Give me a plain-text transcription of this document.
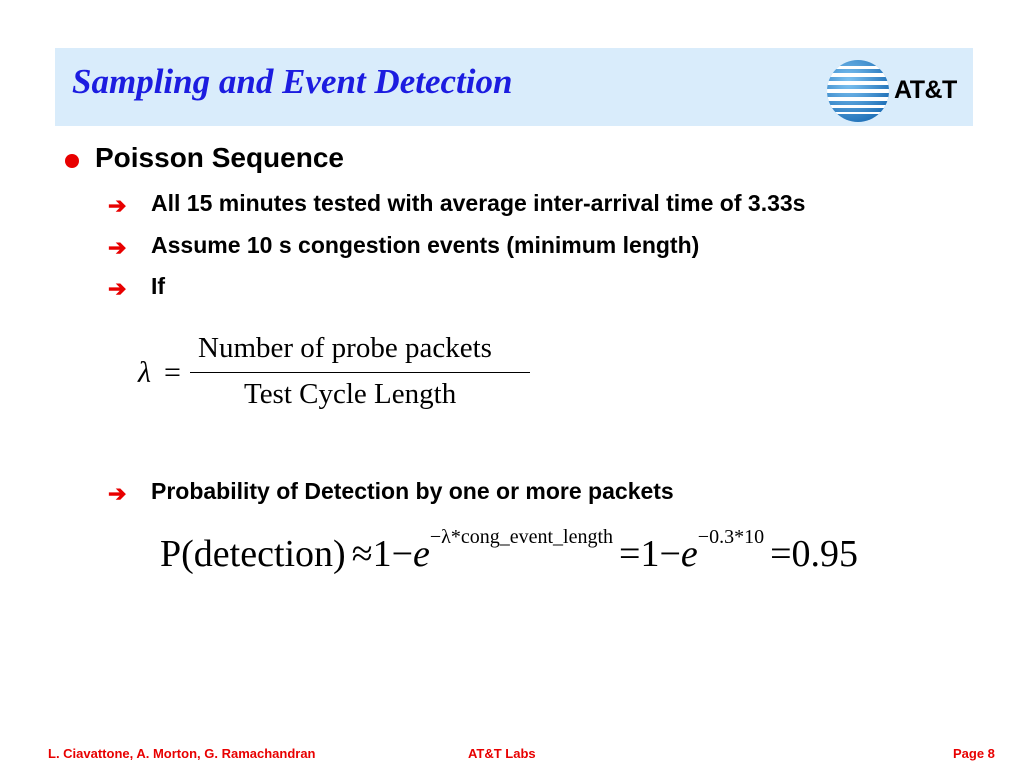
Sampling and Event Detection	AT&T
Poisson Sequence
➔ All 15 minutes tested with average inter-arrival time of 3.33s
➔ Assume 10 s congestion events (minimum length)
➔ If
λ =
Number of probe packets
Test Cycle Length
➔ Probability of Detection by one or more packets
P(detection) $\approx 1-e^{-\lambda*cong\_event\_length} =1-e^{-0.3*10} =0.95$
L. Ciavattone, A. Morton, G. Ramachandran	AT&T Labs	Page 8
